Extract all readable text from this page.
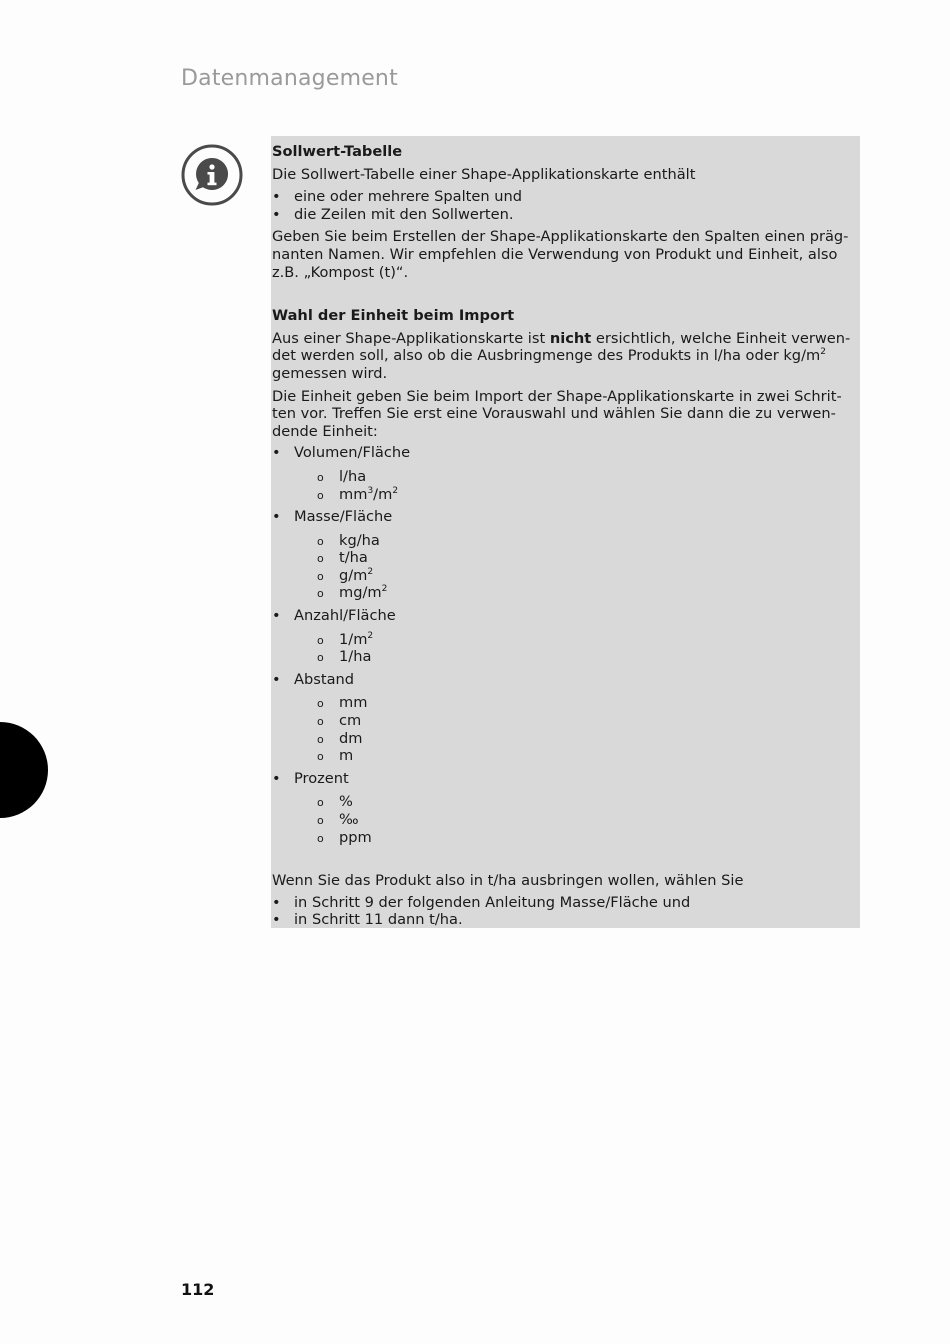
Datenmanagement

Sollwert-Tabelle

Die Sollwert-Tabelle einer Shape-Applikationskarte enthält

• eine oder mehrere Spalten und
• die Zeilen mit den Sollwerten.

Geben Sie beim Erstellen der Shape-Applikationskarte den Spalten einen präg-
nanten Namen. Wir empfehlen die Verwendung von Produkt und Einheit, also
z.B. „Kompost (t)“.

Wahl der Einheit beim Import

Aus einer Shape-Applikationskarte ist nicht ersichtlich, welche Einheit verwen-
det werden soll, also ob die Ausbringmenge des Produkts in l/ha oder $kg/m^2$
gemessen wird.

Die Einheit geben Sie beim Import der Shape-Applikationskarte in zwei Schrit-
ten vor. Treffen Sie erst eine Vorauswahl und wählen Sie dann die zu verwen-
dende Einheit:

• Volumen/Fläche
o l/ha
o $mm^3/m^2$
• Masse/Fläche
o kg/ha
o t/ha
o $g/m^2$
o $mg/m^2$
• Anzahl/Fläche
o $1/m^2$
o 1/ha
• Abstand
o mm
o cm
o dm
o m
• Prozent
o %
o ‰
o ppm

Wenn Sie das Produkt also in t/ha ausbringen wollen, wählen Sie

• in Schritt 9 der folgenden Anleitung Masse/Fläche und
• in Schritt 11 dann t/ha.
112
